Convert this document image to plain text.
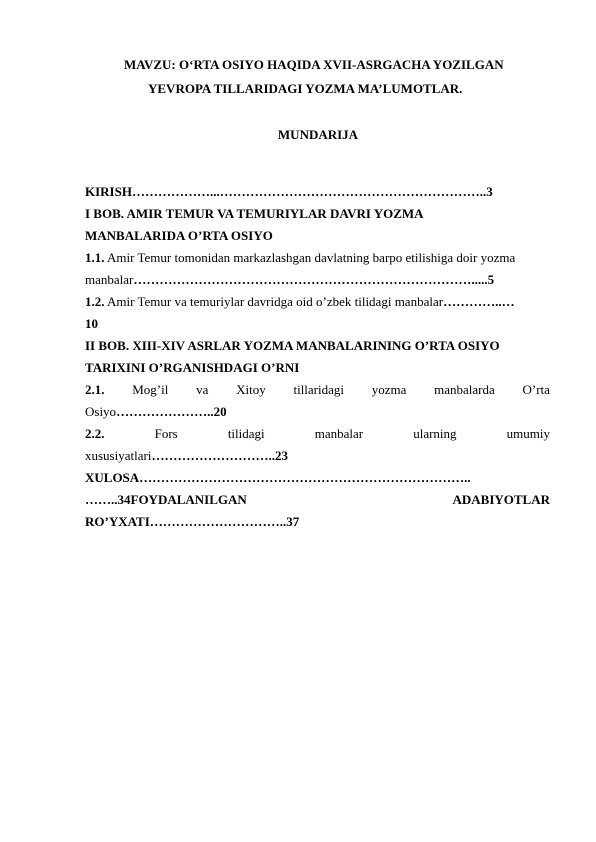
MAVZU: O‘RTA OSIYO HAQIDA XVII-ASRGACHA YOZILGAN
YEVROPA TILLARIDAGI YOZMA MA’LUMOTLAR.
MUNDARIJA
KIRISH………………...……………………………………………………..3
I BOB. AMIR TEMUR VA TEMURIYLAR DAVRI YOZMA
MANBALARIDA O’RTA OSIYO
1.1. Amir Temur tomonidan markazlashgan davlatning barpo etilishiga doir yozma
manbalar…………………………………………………………………….....5
1.2. Amir Temur va temuriylar davridga oid o’zbek tilidagi manbalar…………..…
10
II BOB. XIII-XIV ASRLAR YOZMA MANBALARINING O’RTA OSIYO
TARIXINI O’RGANISHDAGI O’RNI
2.1. Mog’il va Xitoy tillaridagi yozma manbalarda O’rta
Osiyo…………………..20
2.2.	Fors	tilidagi	manbalar	ularning	umumiy
xususiyatlari………………………..23
XULOSA…………………………………………………………………..
……..34FOYDALANILGAN	ADABIYOTLAR
RO’YXATI…………………………..37
